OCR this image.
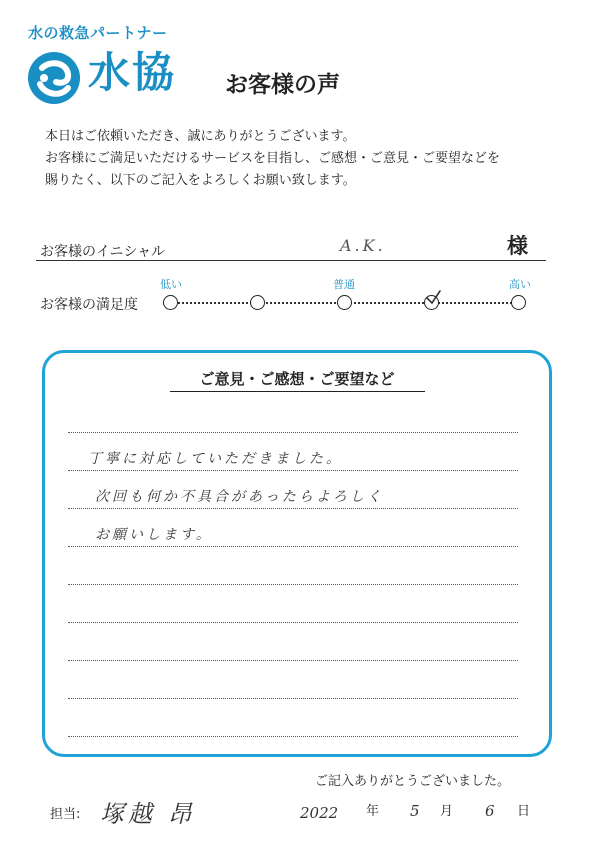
水の救急パートナー
水協 お客様の声

本日はご依頼いただき、誠にありがとうございます。

お客様にご満足いただけるサービスを目指し、ご感想・ご意見・ご要望などを

賜りたく、以下のご記入をよろしくお願い致します。

お客様のイニシャル	A.K.	様
お客様の満足度
低い	普通	高い
ご意見・ご感想・ご要望など
丁寧に対応していただきました。
次回も何か不具合があったらよろしく
お願いします。
ご記入ありがとうございました。
担当: 塚越 昂	2022 年 5 月 6 日
